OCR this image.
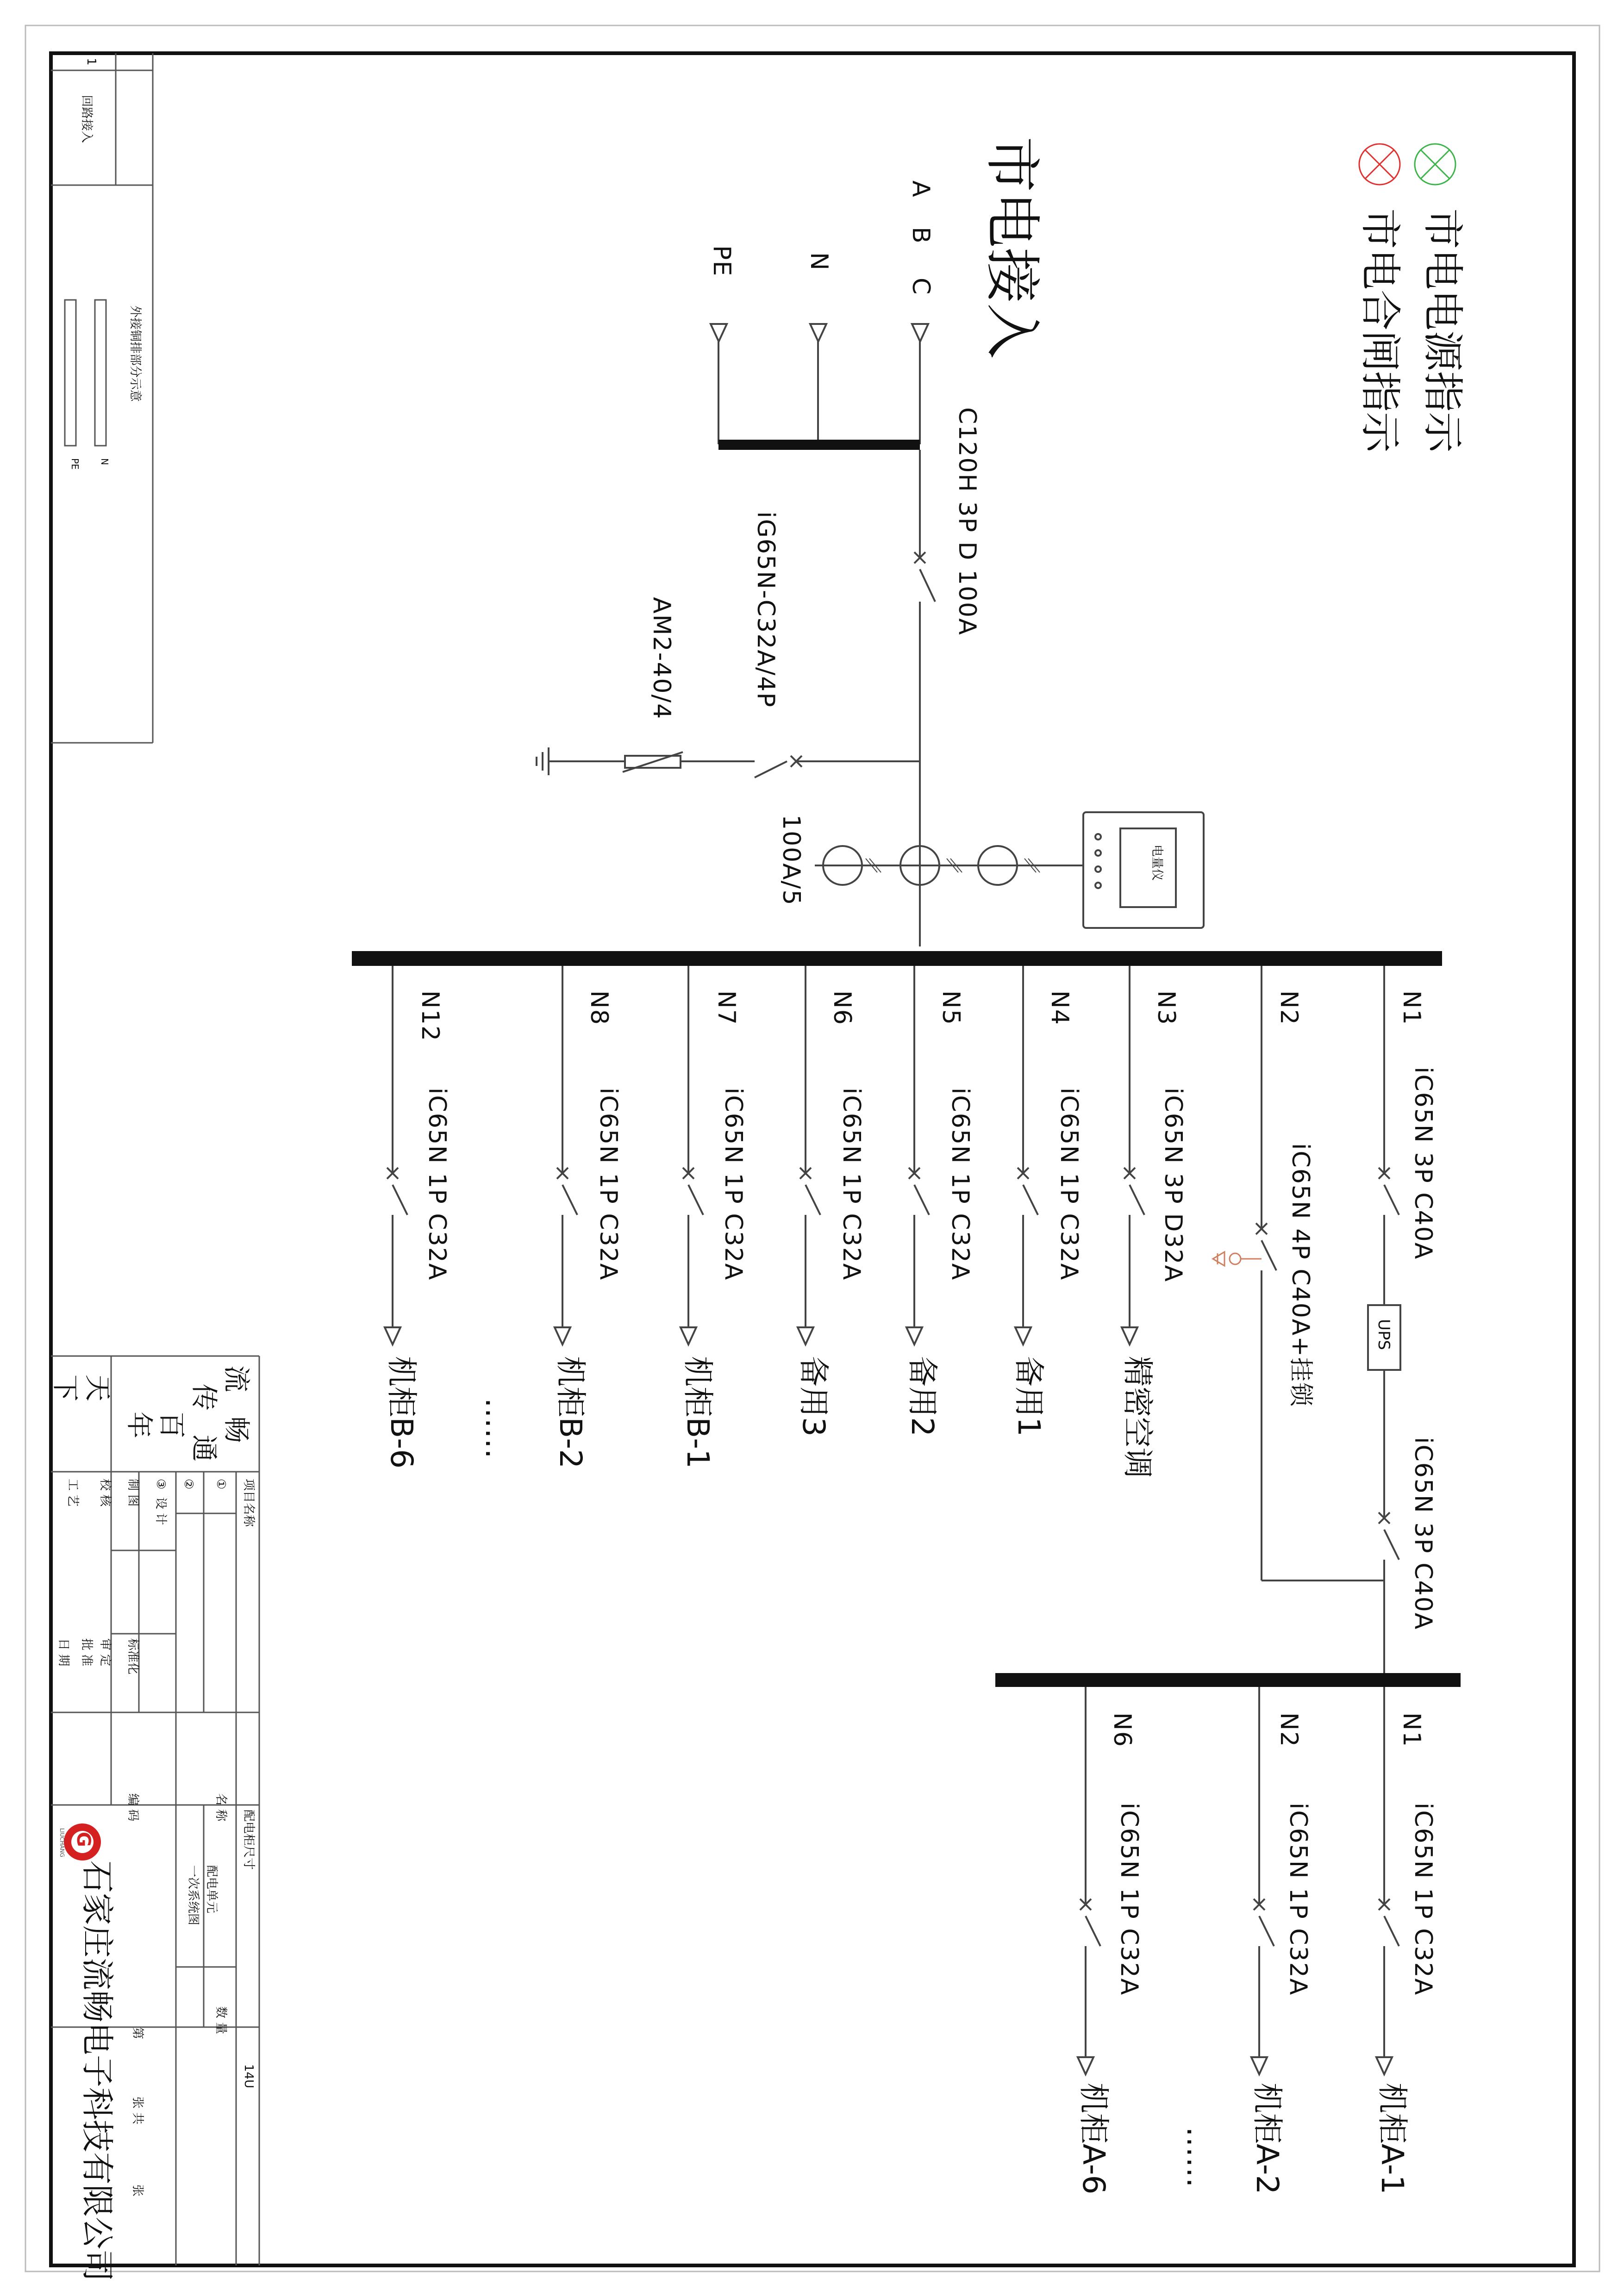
市电电源指示
市电合闸指示
市电接入
A
B
C
N
PE
C120H 3P D 100A
iG65N-C32A/4P
AM2-40/4
100A/5	电量仪
N1
N2
N3
N4
N5
N6
N7
N8
N12
iC65N 3P C40A
iC65N 4P C40A+挂锁
iC65N 3P D32A
iC65N 1P C32A
iC65N 1P C32A
iC65N 1P C32A
iC65N 1P C32A
iC65N 1P C32A
iC65N 1P C32A
精密空调
备用1
备用2
备用3
机柜B-1
机柜B-2
机柜B-6 ……
UPS
iC65N 3P C40A
N1
N2
N6
iC65N 1P C32A
iC65N 1P C32A
iC65N 1P C32A
机柜A-1
机柜A-2
机柜A-6 ……
1
回路接入
外接铜排部分示意
N
PE
流
传
百
年 畅
通
天
下
项目名称
①
②
③
设 计
制 图
校 核
工 艺
标准化
审 定
批 准
日 期
配电柜尺寸
14U
名 称
配电单元
一次系统图
数 量
编 码
第
张 共
张
石家庄流畅电子科技有限公司
G
LIUCHANG
